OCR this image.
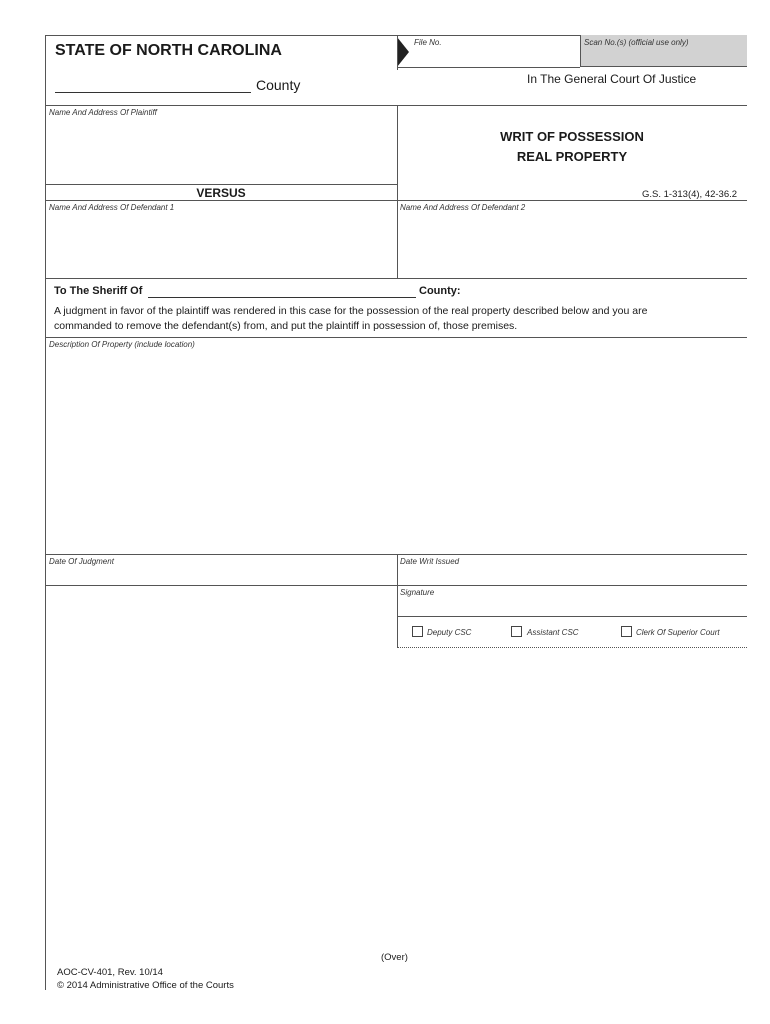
STATE OF NORTH CAROLINA
County
File No.	Scan No.(s) (official use only)
In The General Court Of Justice
Name And Address Of Plaintiff
VERSUS
WRIT OF POSSESSION
REAL PROPERTY
G.S. 1-313(4), 42-36.2
Name And Address Of Defendant 1	Name And Address Of Defendant 2
To The Sheriff Of	County:
A judgment in favor of the plaintiff was rendered in this case for the possession of the real property described below and you are
commanded to remove the defendant(s) from, and put the plaintiff in possession of, those premises.
Description Of Property (include location)
Date Of Judgment	Date Writ Issued
Signature
Deputy CSC	Assistant CSC	Clerk Of Superior Court
(Over)
AOC-CV-401, Rev. 10/14
© 2014 Administrative Office of the Courts
